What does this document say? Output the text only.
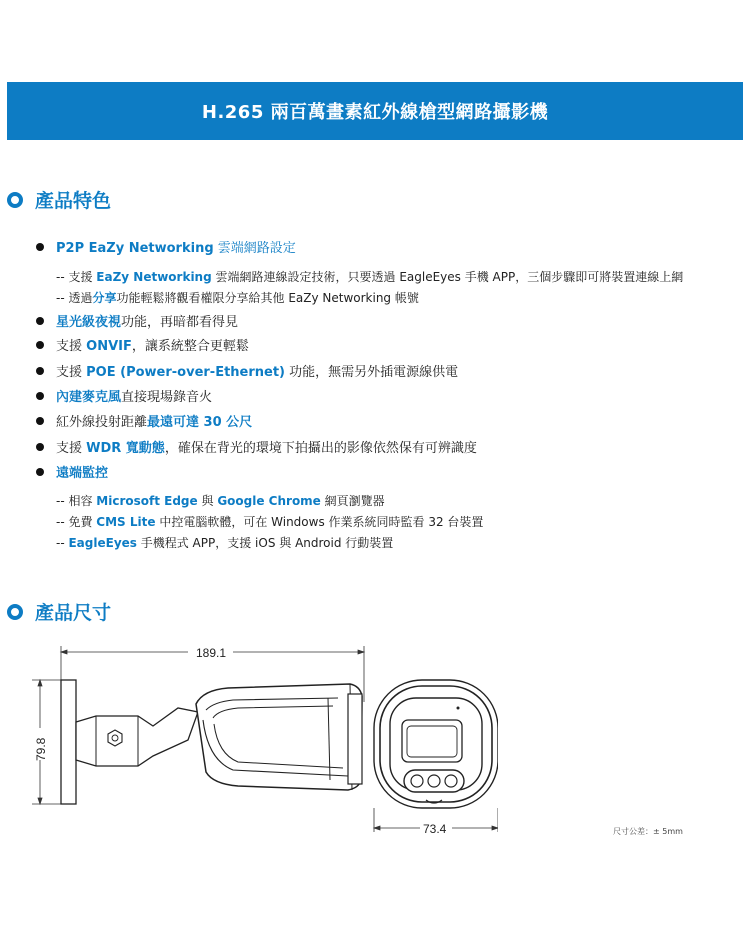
H.265 兩百萬畫素紅外線槍型網路攝影機
產品特色
P2P EaZy Networking 雲端網路設定
-- 支援 EaZy Networking 雲端網路連線設定技術，只要透過 EagleEyes 手機 APP，三個步驟即可將裝置連線上網
-- 透過分享功能輕鬆將觀看權限分享給其他 EaZy Networking 帳號
星光級夜視功能，再暗都看得見
支援 ONVIF，讓系統整合更輕鬆
支援 POE (Power-over-Ethernet) 功能，無需另外插電源線供電
內建麥克風直接現場錄音火
紅外線投射距離最遠可達 30 公尺
支援 WDR 寬動態，確保在背光的環境下拍攝出的影像依然保有可辨識度
遠端監控
-- 相容 Microsoft Edge 與 Google Chrome 網頁瀏覽器
-- 免費 CMS Lite 中控電腦軟體，可在 Windows 作業系統同時監看 32 台裝置
-- EagleEyes 手機程式 APP，支援 iOS 與 Android 行動裝置
產品尺寸
189.1
79.8
73.4	尺寸公差：± 5mm
